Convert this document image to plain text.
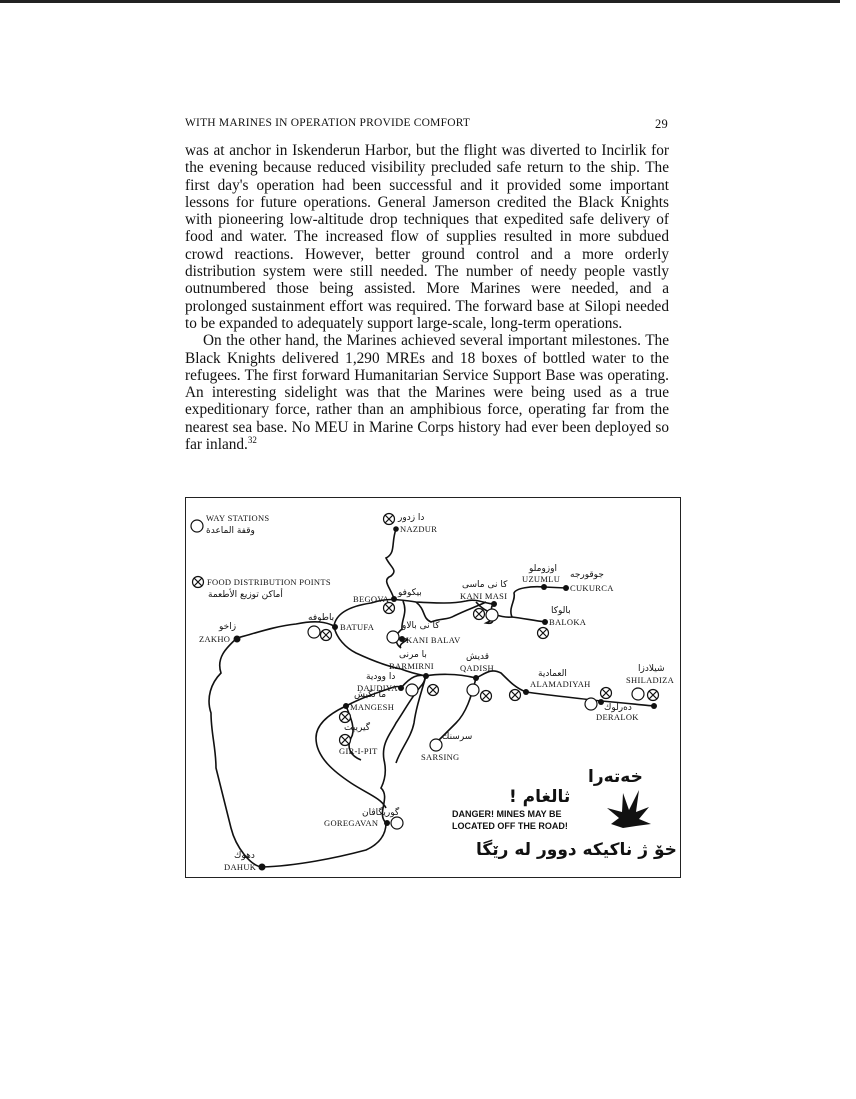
WITH MARINES IN OPERATION PROVIDE COMFORT	29

was at anchor in Iskenderun Harbor, but the flight was diverted to Incirlik for the evening because reduced visibility precluded safe return to the ship. The first day's operation had been successful and it provided some important lessons for future operations. General Jamerson credited the Black Knights with pioneering low-altitude drop techniques that expedited safe delivery of food and water. The increased flow of supplies resulted in more subdued crowd reactions. However, better ground control and a more orderly distribution system were still needed. The number of needy people vastly outnumbered those being assisted. More Marines were needed, and a prolonged sustainment effort was required. The forward base at Silopi needed to be expanded to adequately support large-scale, long-term operations.

On the other hand, the Marines achieved several important milestones. The Black Knights delivered 1,290 MREs and 18 boxes of bottled water to the refugees. The first forward Humanitarian Service Support Base was operating. An interesting sidelight was that the Marines were being used as a true expeditionary force, rather than an amphibious force, operating far from the nearest sea base. No MEU in Marine Corps history had ever been deployed so far inland.$^{32}$

WAY STATIONS
وقفة الماعدة
FOOD DISTRIBUTION POINTS
أماكن توزيع الأطعمة
NAZDUR
دا زدور
BEGOVA
بيكوفو
BATUFA
باطوفه
ZAKHO
زاخو
KANI BALAV
كا نى بالاو
KANI MASI
كا نى ماسى
UZUMLU
اوزوملو
CUKURCA
جوقورجه
BALOKA
بالوكا
BARMIRNI
با مرنى
DAUDIYA
دا وودية
QADISH
قديش
ALAMADIYAH
العمادية
DERALOK
دەرلوك
SHILADIZA
شيلادزا
MANGESH
ما نگيش
SARSING
سرسنك
GIR-I-PIT
گيريپت
GOREGAVAN
گوريگاڤان
DAHUK
دهوك
خەتەرا
! ثالغام
DANGER! MINES MAY BE
LOCATED OFF THE ROAD!
خۆ ژ ناكيكه دوور له رێگا
